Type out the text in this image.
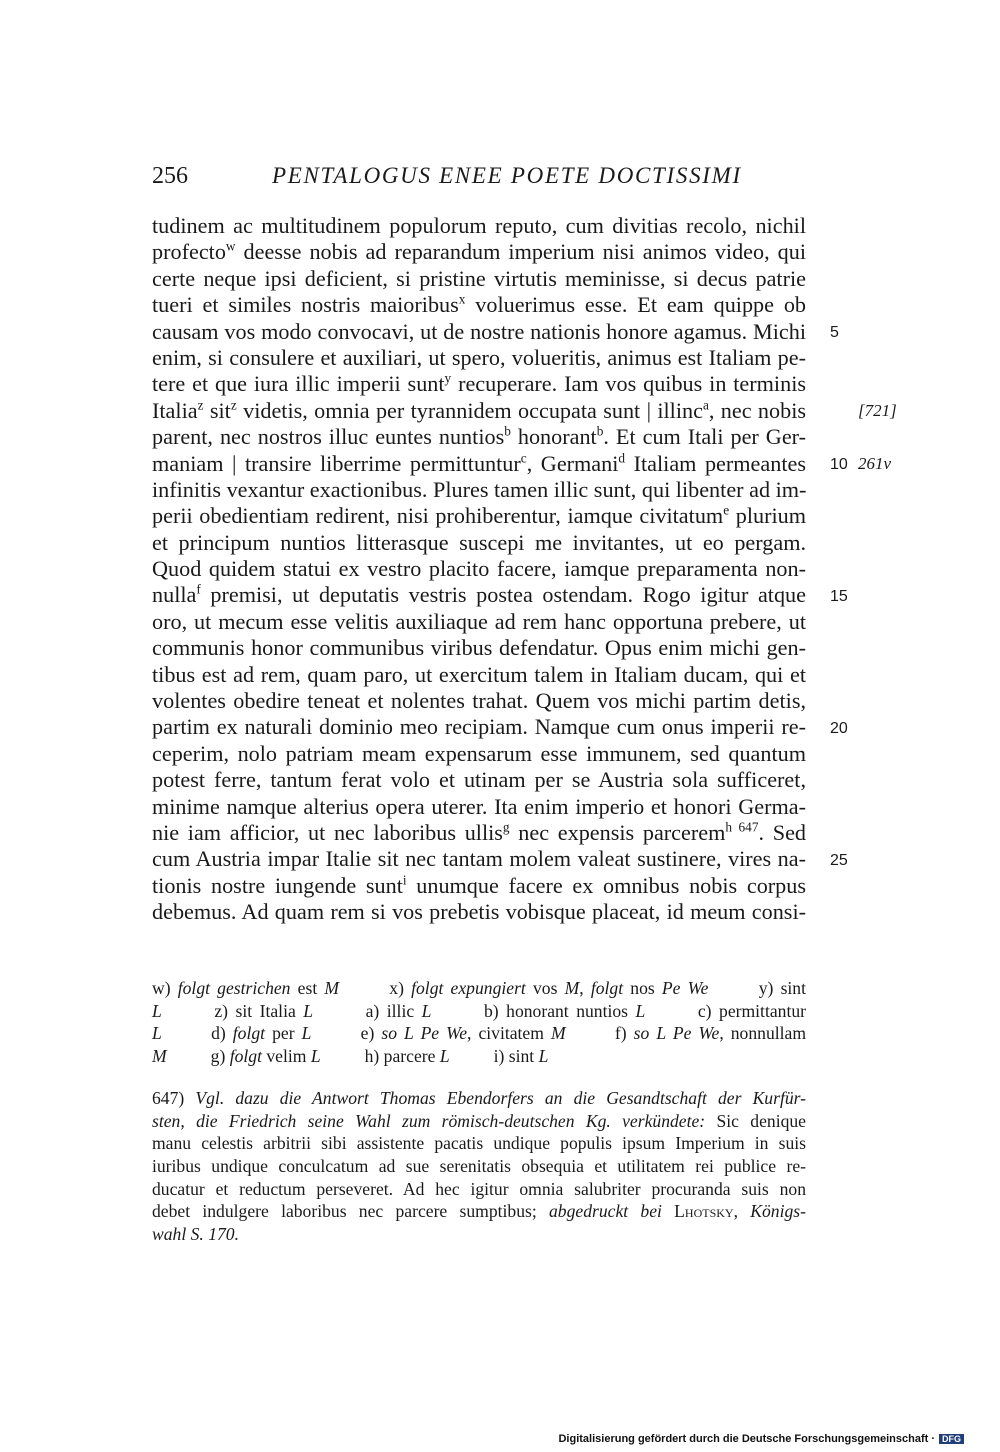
256	PENTALOGUS ENEE POETE DOCTISSIMI
tudinem ac multitudinem populorum reputo, cum divitias recolo, nichil
profecto$^w$ deesse nobis ad reparandum imperium nisi animos video, qui
certe neque ipsi deficient, si pristine virtutis meminisse, si decus patrie
tueri et similes nostris maioribus$^x$ voluerimus esse. Et eam quippe ob
causam vos modo convocavi, ut de nostre nationis honore agamus. Michi
enim, si consulere et auxiliari, ut spero, volueritis, animus est Italiam pe-
tere et que iura illic imperii sunt$^y$ recuperare. Iam vos quibus in terminis
Italia$^z$ sit$^z$ videtis, omnia per tyrannidem occupata sunt | illinc$^a$, nec nobis
parent, nec nostros illuc euntes nuntios$^b$ honorant$^b$. Et cum Itali per Ger-
maniam | transire liberrime permittuntur$^c$, Germani$^d$ Italiam permeantes
infinitis vexantur exactionibus. Plures tamen illic sunt, qui libenter ad im-
perii obedientiam redirent, nisi prohiberentur, iamque civitatum$^e$ plurium
et principum nuntios litterasque suscepi me invitantes, ut eo pergam.
Quod quidem statui ex vestro placito facere, iamque preparamenta non-
nulla$^f$ premisi, ut deputatis vestris postea ostendam. Rogo igitur atque
oro, ut mecum esse velitis auxiliaque ad rem hanc opportuna prebere, ut
communis honor communibus viribus defendatur. Opus enim michi gen-
tibus est ad rem, quam paro, ut exercitum talem in Italiam ducam, qui et
volentes obedire teneat et nolentes trahat. Quem vos michi partim detis,
partim ex naturali dominio meo recipiam. Namque cum onus imperii re-
ceperim, nolo patriam meam expensarum esse immunem, sed quantum
potest ferre, tantum ferat volo et utinam per se Austria sola sufficeret,
minime namque alterius opera uterer. Ita enim imperio et honori Germa-
nie iam afficior, ut nec laboribus ullis$^g$ nec expensis parcerem$^{h 647}$. Sed
cum Austria impar Italie sit nec tantam molem valeat sustinere, vires na-
tionis nostre iungende sunt$^i$ unumque facere ex omnibus nobis corpus
debemus. Ad quam rem si vos prebetis vobisque placeat, id meum consi-
5
10
15
20
25
[721]
261v
w) folgt gestrichen est M       x) folgt expungiert vos M, folgt nos Pe We       y) sint
L       z) sit Italia L       a) illic L       b) honorant nuntios L       c) permittantur
L       d) folgt per L       e) so L Pe We, civitatem M       f) so L Pe We, nonnullam
M          g) folgt velim L          h) parcere L          i) sint L
647) Vgl. dazu die Antwort Thomas Ebendorfers an die Gesandtschaft der Kurfür-
sten, die Friedrich seine Wahl zum römisch-deutschen Kg. verkündete: Sic denique
manu celestis arbitrii sibi assistente pacatis undique populis ipsum Imperium in suis
iuribus undique conculcatum ad sue serenitatis obsequia et utilitatem rei publice re-
ducatur et reductum perseveret. Ad hec igitur omnia salubriter procuranda suis non
debet indulgere laboribus nec parcere sumptibus; abgedruckt bei Lhotsky, Königs-
wahl S. 170.
Digitalisierung gefördert durch die Deutsche Forschungsgemeinschaft · DFG
